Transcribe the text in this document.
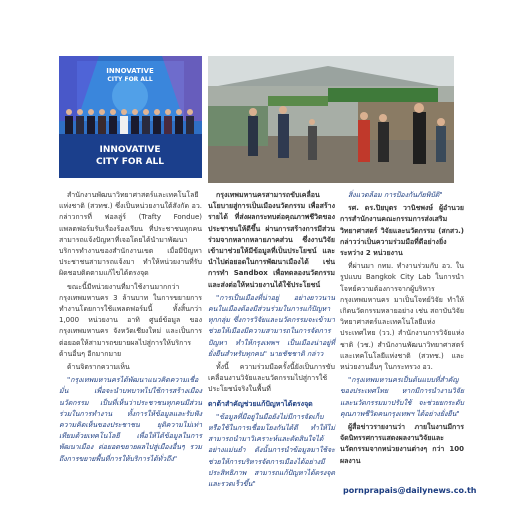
INNOVATIVE
CITY FOR ALL
INNOVATIVE
CITY FOR ALL

สำนักงานพัฒนาวิทยาศาสตร์และเทคโนโลยีแห่งชาติ (สวทช.) ซึ่งเป็นหน่วยงานใต้สังกัด อว. กล่าวการที่ ฟอลลู่ร์ (Trafty Fondue) แพลตฟอร์มรับเรื่องร้องเรียน ที่ประชาชนทุกคนสามารถแจ้งปัญหาที่เจอโดยได้นำมาพัฒนาบริการทำงานของสำนักงานเขต เมื่อมีปัญหาประชาชนสามารถแจ้งมา ทำให้หน่วยงานที่รับผิดชอบติดตามแก้ไขได้ตรงจุด

ขณะนี้มีหน่วยงานที่มาใช้งานมากกว่ากรุงเทพมหานคร 3 ล้านบาท ในการขยายการทำงานโดยการใช้แพลตฟอร์มนี้ ทั้งสิ้นกว่า 1,000 หน่วยงาน อาทิ ศูนย์ข้อมูล ของกรุงเทพมหานคร จังหวัดเชียงใหม่ และเป็นการต่อยอดให้สามารถขยายผลไปสู่การให้บริการด้านอื่นๆ อีกมากมาย

ด้านจิตรากความเห็น

"กรุงเทพมหานครได้พัฒนาแนวคิดความเชื่อมั่น เพื่อจะนำบทบาทไปใช้การสร้างเมืองนวัตกรรม เป็นที่เห็นว่าประชาชนทุกคนมีส่วนร่วมในการทำงาน ทั้งการให้ข้อมูลและรับฟังความคิดเห็นของประชาชน ยุติความไม่เท่าเทียมด้วยเทคโนโลยี เพื่อให้ได้ข้อมูลในการพัฒนาเมือง ต่อยอดขยายผลไปสู่เมืองอื่นๆ รวมถึงการขยายพื้นที่การให้บริการได้ทั่วถึง"

กรุงเทพมหานครสามารถขับเคลื่อนนโยบายสู่การเป็นเมืองนวัตกรรม เพื่อสร้างรายได้ ที่ส่งผลกระทบต่อคุณภาพชีวิตของประชาชนให้ดีขึ้น ผ่านการสร้างการมีส่วนร่วมจากหลากหลายภาคส่วน ซึ่งงานวิจัยเข้ามาช่วยให้มีข้อมูลที่เป็นประโยชน์ และนำไปต่อยอดในการพัฒนาเมืองได้ เช่น การทำ Sandbox เพื่อทดลองนวัตกรรมและส่งต่อให้หน่วยงานได้ใช้ประโยชน์

"การเป็นเมืองที่น่าอยู่ อย่างยาวนาน คนในเมืองต้องมีส่วนร่วมในการแก้ปัญหาทุกกลุ่ม ซึ่งการวิจัยและนวัตกรรมจะเข้ามาช่วยให้เมืองมีความสามารถในการจัดการปัญหา ทำให้กรุงเทพฯ เป็นเมืองน่าอยู่ที่ยั่งยืนสำหรับทุกคน" นายชัชชาติ กล่าว

ทั้งนี้ ความร่วมมือครั้งนี้ยังเป็นการขับเคลื่อนงานวิจัยและนวัตกรรมไปสู่การใช้ประโยชน์จริงในพื้นที่

ดาต้าสำคัญช่วยแก้ปัญหาได้ตรงจุด

"ข้อมูลที่มีอยู่ในมือยังไม่มีการจัดเก็บหรือใช้ในการเชื่อมโยงกันได้ดี ทำให้ไม่สามารถนำมาวิเคราะห์และตัดสินใจได้อย่างแม่นยำ ดังนั้นการนำข้อมูลมาใช้จะช่วยให้การบริหารจัดการเมืองได้อย่างมีประสิทธิภาพ สามารถแก้ปัญหาได้ตรงจุดและรวดเร็วขึ้น"

สิ่งแวดล้อม การป้องกันภัยพิบัติ"

รศ. ดร.ปิยบุตร วานิชพงษ์ ผู้อำนวยการสำนักงานคณะกรรมการส่งเสริมวิทยาศาสตร์ วิจัยและนวัตกรรม (สกสว.) กล่าวว่าเป็นความร่วมมือที่ดีอย่างยิ่งระหว่าง 2 หน่วยงาน

ที่ผ่านมา กทม. ทำงานร่วมกับ อว. ในรูปแบบ Bangkok City Lab ในการนำโจทย์ความต้องการจากผู้บริหารกรุงเทพมหานคร มาเป็นโจทย์วิจัย ทำให้เกิดนวัตกรรมหลายอย่าง เช่น สถาบันวิจัยวิทยาศาสตร์และเทคโนโลยีแห่งประเทศไทย (วว.) สำนักงานการวิจัยแห่งชาติ (วช.) สำนักงานพัฒนาวิทยาศาสตร์และเทคโนโลยีแห่งชาติ (สวทช.) และหน่วยงานอื่นๆ ในกระทรวง อว.

"กรุงเทพมหานครเป็นต้นแบบที่สำคัญของประเทศไทย หากมีการนำงานวิจัยและนวัตกรรมมาปรับใช้ จะช่วยยกระดับคุณภาพชีวิตคนกรุงเทพฯ ได้อย่างยั่งยืน"

ผู้สื่อข่าวรายงานว่า ภายในงานมีการจัดนิทรรศการแสดงผลงานวิจัยและนวัตกรรมจากหน่วยงานต่างๆ กว่า 100 ผลงาน

pornprapais@dailynews.co.th
